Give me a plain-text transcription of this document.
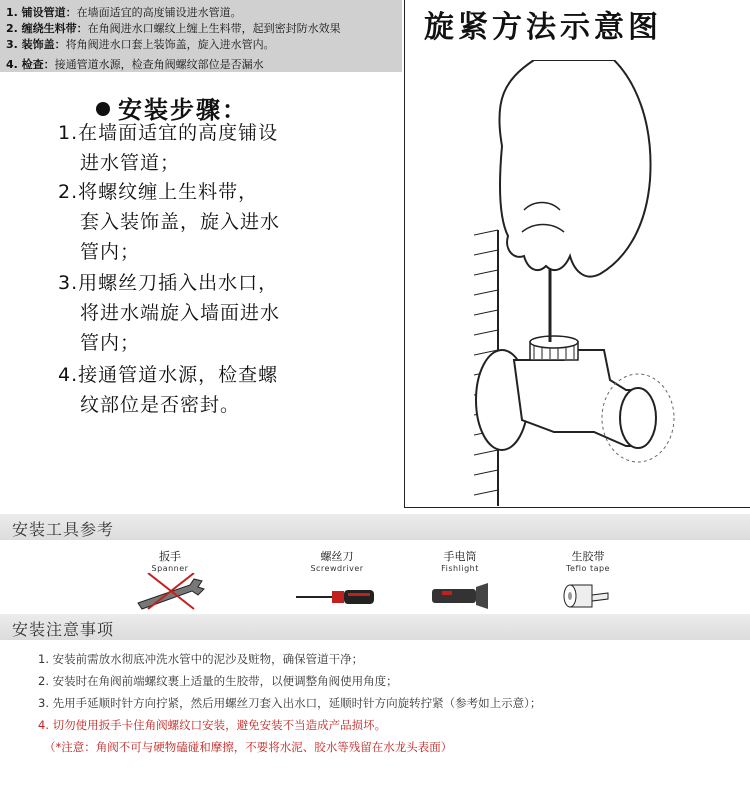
1. 铺设管道：在墙面适宜的高度铺设进水管道。
2. 缠绕生料带：在角阀进水口螺纹上缠上生料带，起到密封防水效果
3. 装饰盖：将角阀进水口套上装饰盖，旋入进水管内。
4. 检查：接通管道水源，检查角阀螺纹部位是否漏水
安装步骤：
1.在墙面适宜的高度铺设
进水管道；
2.将螺纹缠上生料带，
套入装饰盖，旋入进水
管内；
3.用螺丝刀插入出水口，
将进水端旋入墙面进水
管内；
4.接通管道水源，检查螺
纹部位是否密封。
旋紧方法示意图
安装工具参考
扳手
Spanner
螺丝刀
Screwdriver
手电筒
Fishlight
生胶带
Teflo tape
安装注意事项
1. 安装前需放水彻底冲洗水管中的泥沙及赃物，确保管道干净；
2. 安装时在角阀前端螺纹裹上适量的生胶带，以便调整角阀使用角度；
3. 先用手延顺时针方向拧紧，然后用螺丝刀套入出水口，延顺时针方向旋转拧紧（参考如上示意）；
4. 切勿使用扳手卡住角阀螺纹口安装，避免安装不当造成产品损坏。
（*注意：角阀不可与硬物磕碰和摩擦，不要将水泥、胶水等残留在水龙头表面）
